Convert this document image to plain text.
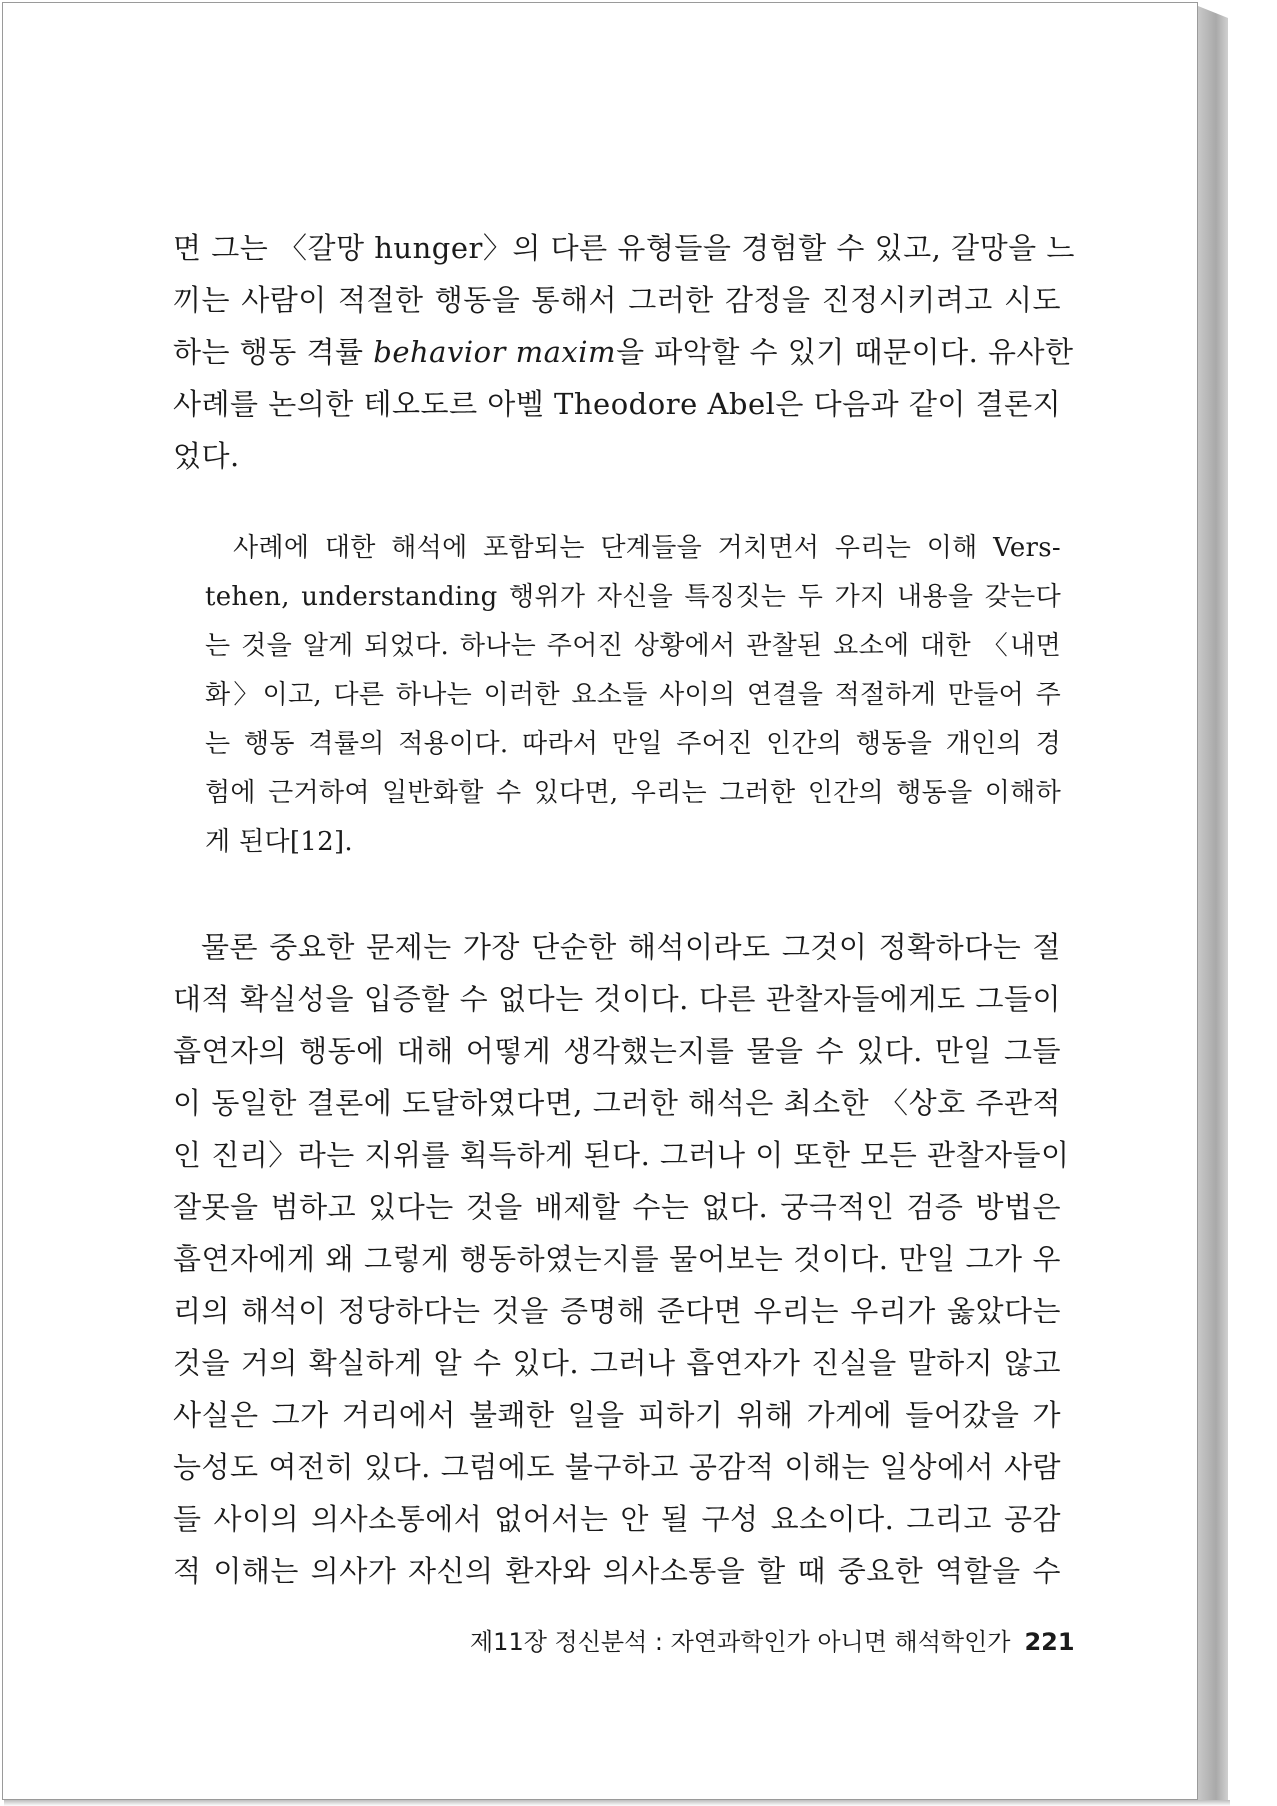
면 그는 〈갈망 hunger〉의 다른 유형들을 경험할 수 있고, 갈망을 느
끼는 사람이 적절한 행동을 통해서 그러한 감정을 진정시키려고 시도
하는 행동 격률 behavior maxim을 파악할 수 있기 때문이다. 유사한
사례를 논의한 테오도르 아벨 Theodore Abel은 다음과 같이 결론지
었다.
사례에 대한 해석에 포함되는 단계들을 거치면서 우리는 이해 Vers-
tehen, understanding 행위가 자신을 특징짓는 두 가지 내용을 갖는다
는 것을 알게 되었다. 하나는 주어진 상황에서 관찰된 요소에 대한 〈내면
화〉이고, 다른 하나는 이러한 요소들 사이의 연결을 적절하게 만들어 주
는 행동 격률의 적용이다. 따라서 만일 주어진 인간의 행동을 개인의 경
험에 근거하여 일반화할 수 있다면, 우리는 그러한 인간의 행동을 이해하
게 된다[12].
물론 중요한 문제는 가장 단순한 해석이라도 그것이 정확하다는 절
대적 확실성을 입증할 수 없다는 것이다. 다른 관찰자들에게도 그들이
흡연자의 행동에 대해 어떻게 생각했는지를 물을 수 있다. 만일 그들
이 동일한 결론에 도달하였다면, 그러한 해석은 최소한 〈상호 주관적
인 진리〉라는 지위를 획득하게 된다. 그러나 이 또한 모든 관찰자들이
잘못을 범하고 있다는 것을 배제할 수는 없다. 궁극적인 검증 방법은
흡연자에게 왜 그렇게 행동하였는지를 물어보는 것이다. 만일 그가 우
리의 해석이 정당하다는 것을 증명해 준다면 우리는 우리가 옳았다는
것을 거의 확실하게 알 수 있다. 그러나 흡연자가 진실을 말하지 않고
사실은 그가 거리에서 불쾌한 일을 피하기 위해 가게에 들어갔을 가
능성도 여전히 있다. 그럼에도 불구하고 공감적 이해는 일상에서 사람
들 사이의 의사소통에서 없어서는 안 될 구성 요소이다. 그리고 공감
적 이해는 의사가 자신의 환자와 의사소통을 할 때 중요한 역할을 수
제11장 정신분석 : 자연과학인가 아니면 해석학인가 221
